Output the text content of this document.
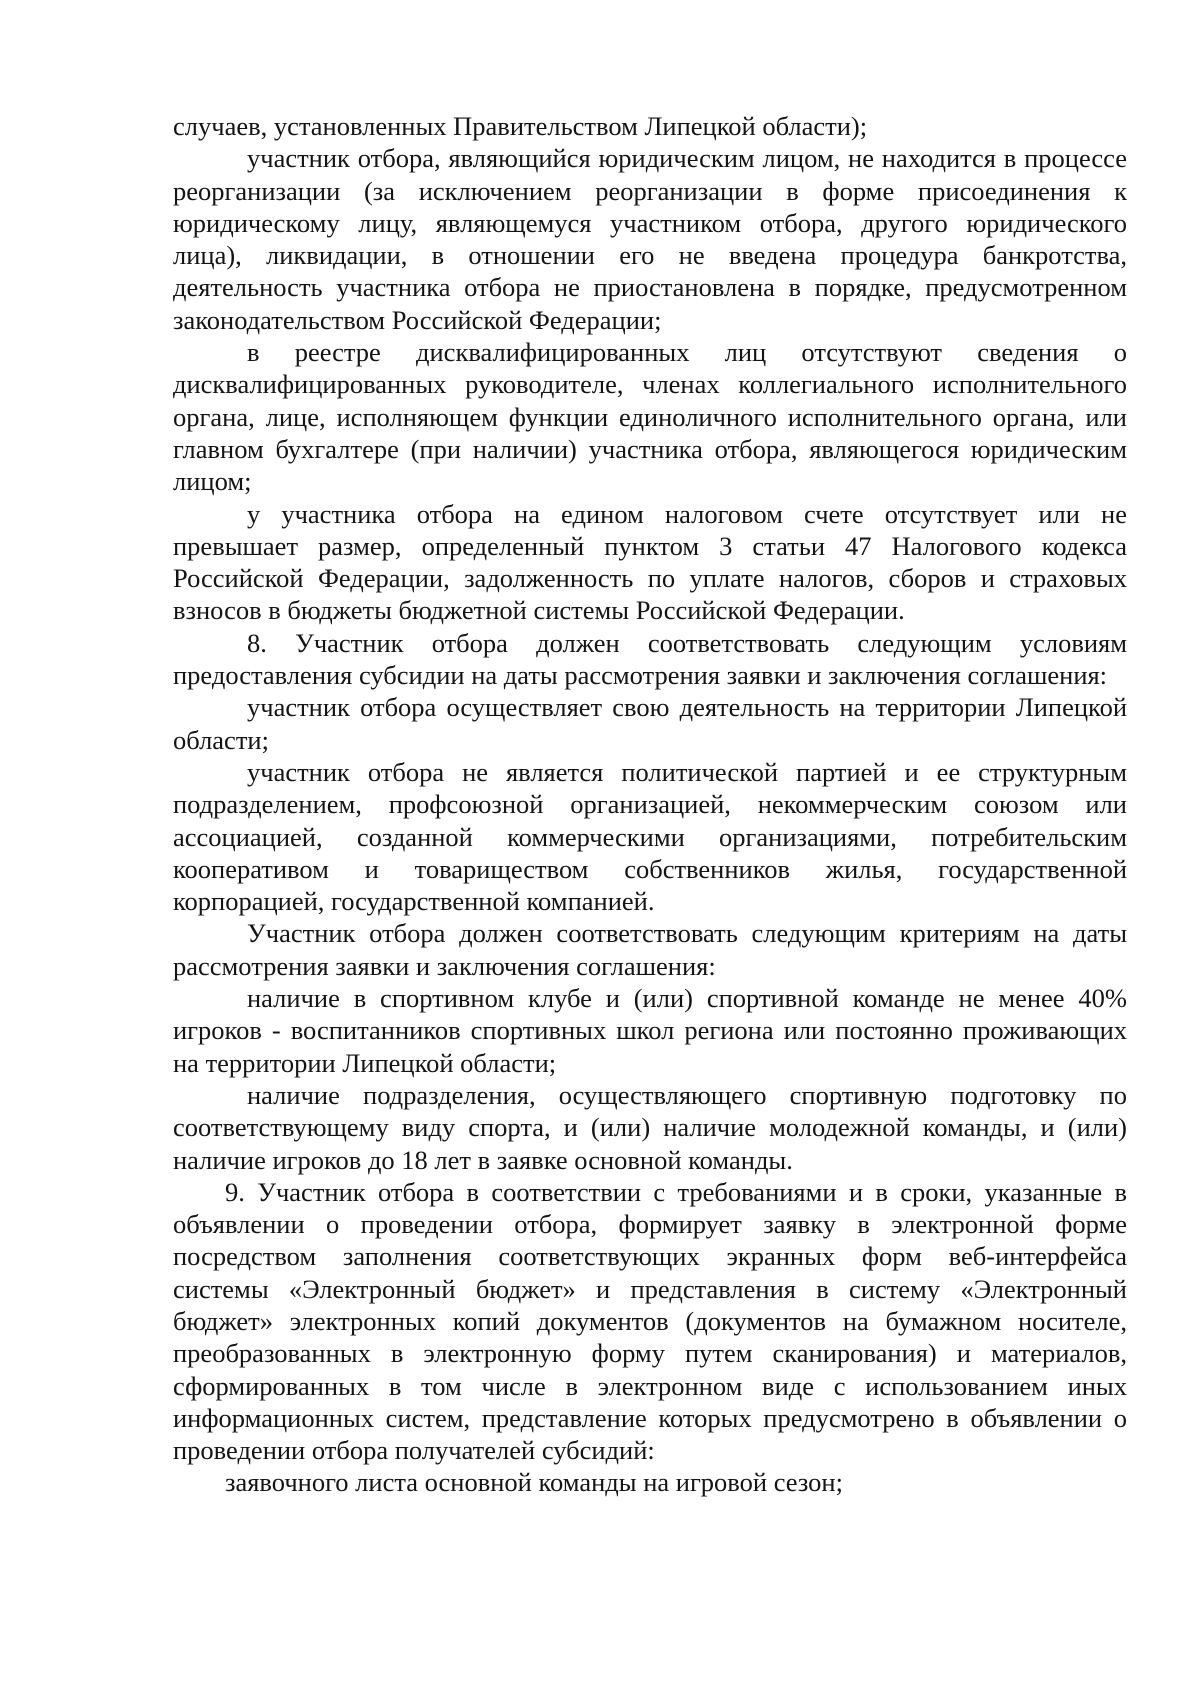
случаев, установленных Правительством Липецкой области);

участник отбора, являющийся юридическим лицом, не находится в процессе реорганизации (за исключением реорганизации в форме присоединения к юридическому лицу, являющемуся участником отбора, другого юридического лица), ликвидации, в отношении его не введена процедура банкротства, деятельность участника отбора не приостановлена в порядке, предусмотренном законодательством Российской Федерации;

в реестре дисквалифицированных лиц отсутствуют сведения о дисквалифицированных руководителе, членах коллегиального исполнительного органа, лице, исполняющем функции единоличного исполнительного органа, или главном бухгалтере (при наличии) участника отбора, являющегося юридическим лицом;

у участника отбора на едином налоговом счете отсутствует или не превышает размер, определенный пунктом 3 статьи 47 Налогового кодекса Российской Федерации, задолженность по уплате налогов, сборов и страховых взносов в бюджеты бюджетной системы Российской Федерации.

8. Участник отбора должен соответствовать следующим условиям предоставления субсидии на даты рассмотрения заявки и заключения соглашения:

участник отбора осуществляет свою деятельность на территории Липецкой области;

участник отбора не является политической партией и ее структурным подразделением, профсоюзной организацией, некоммерческим союзом или ассоциацией, созданной коммерческими организациями, потребительским кооперативом и товариществом собственников жилья, государственной корпорацией, государственной компанией.

Участник отбора должен соответствовать следующим критериям на даты рассмотрения заявки и заключения соглашения:

наличие в спортивном клубе и (или) спортивной команде не менее 40% игроков - воспитанников спортивных школ региона или постоянно проживающих на территории Липецкой области;

наличие подразделения, осуществляющего спортивную подготовку по соответствующему виду спорта, и (или) наличие молодежной команды, и (или) наличие игроков до 18 лет в заявке основной команды.

9. Участник отбора в соответствии с требованиями и в сроки, указанные в объявлении о проведении отбора, формирует заявку в электронной форме посредством заполнения соответствующих экранных форм веб-интерфейса системы «Электронный бюджет» и представления в систему «Электронный бюджет» электронных копий документов (документов на бумажном носителе, преобразованных в электронную форму путем сканирования) и материалов, сформированных в том числе в электронном виде с использованием иных информационных систем, представление которых предусмотрено в объявлении о проведении отбора получателей субсидий:

заявочного листа основной команды на игровой сезон;
